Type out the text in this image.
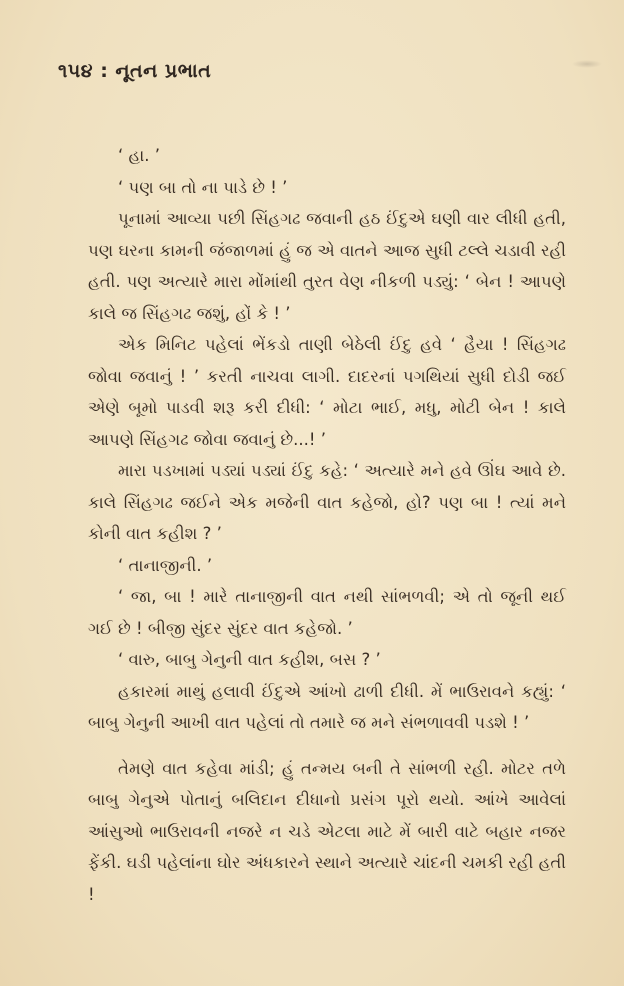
૧૫૪ : નૂતન પ્રભાત

‘ હા. ’

‘ પણ બા તો ના પાડે છે ! ’

પૂનામાં આવ્યા પછી સિંહગઢ જવાની હઠ ઈંદુએ ઘણી વાર લીધી હતી, પણ ઘરના કામની જંજાળમાં હું જ એ વાતને આજ સુધી ટલ્લે ચડાવી રહી હતી. પણ અત્યારે મારા મોંમાંથી તુરત વેણ નીકળી પડ્યું: ‘ બેન ! આપણે કાલે જ સિંહગઢ જશું, હોં કે ! ’

એક મિનિટ પહેલાં ભેંકડો તાણી બેઠેલી ઈંદુ હવે ‘ હૈયા ! સિંહગઢ જોવા જવાનું ! ’ કરતી નાચવા લાગી. દાદરનાં પગથિયાં સુધી દોડી જઈ એણે બૂમો પાડવી શરૂ કરી દીધી: ‘ મોટા ભાઈ, મધુ, મોટી બેન ! કાલે આપણે સિંહગઢ જોવા જવાનું છે...! ’

મારા પડખામાં પડ્યાં પડ્યાં ઈંદુ કહે: ‘ અત્યારે મને હવે ઊંઘ આવે છે. કાલે સિંહગઢ જઈને એક મજેની વાત કહેજો, હો? પણ બા ! ત્યાં મને કોની વાત કહીશ ? ’

‘ તાનાજીની. ’

‘ જા, બા ! મારે તાનાજીની વાત નથી સાંભળવી; એ તો જૂની થઈ ગઈ છે ! બીજી સુંદર સુંદર વાત કહેજો. ’

‘ વારુ, બાબુ ગેનુની વાત કહીશ, બસ ? ’

હકારમાં માથું હલાવી ઈંદુએ આંખો ઢાળી દીધી. મેં ભાઉરાવને કહ્યું: ‘ બાબુ ગેનુની આખી વાત પહેલાં તો તમારે જ મને સંભળાવવી પડશે ! ’

તેમણે વાત કહેવા માંડી; હું તન્મય બની તે સાંભળી રહી. મોટર તળે બાબુ ગેનુએ પોતાનું બલિદાન દીધાનો પ્રસંગ પૂરો થયો. આંખે આવેલાં આંસુઓ ભાઉરાવની નજરે ન ચડે એટલા માટે મેં બારી વાટે બહાર નજર ફેંકી. ઘડી પહેલાંના ઘોર અંધકારને સ્થાને અત્યારે ચાંદની ચમકી રહી હતી !
